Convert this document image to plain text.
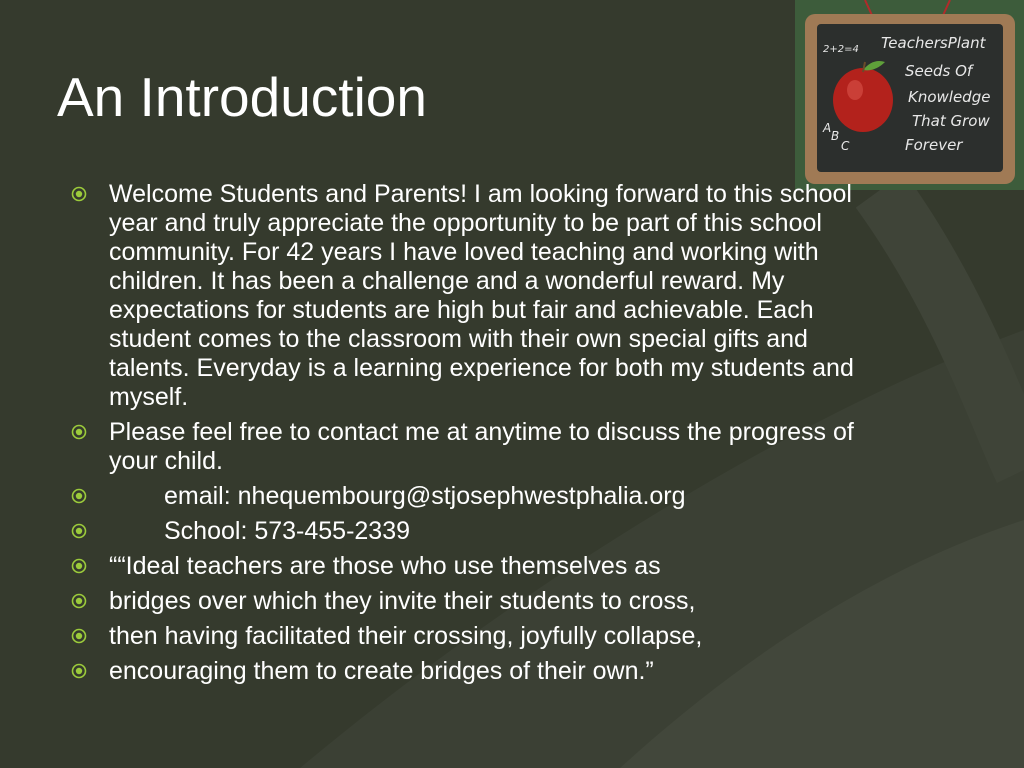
An Introduction
2+2=4 TeachersPlant
Seeds Of
Knowledge
That Grow
Forever
A
B
C
Welcome Students and Parents! I am looking forward to this school year and truly appreciate the opportunity to be part of this school community. For 42 years I have loved teaching and working with children. It has been a challenge and a wonderful reward. My expectations for students are high but fair and achievable. Each student comes to the classroom with their own special gifts and talents. Everyday is a learning experience for both my students and myself.
Please feel free to contact me at anytime to discuss the progress of your child.
email: nhequembourg@stjosephwestphalia.org
School: 573-455-2339
““Ideal teachers are those who use themselves as
bridges over which they invite their students to cross,
then having facilitated their crossing, joyfully collapse,
encouraging them to create bridges of their own.”
